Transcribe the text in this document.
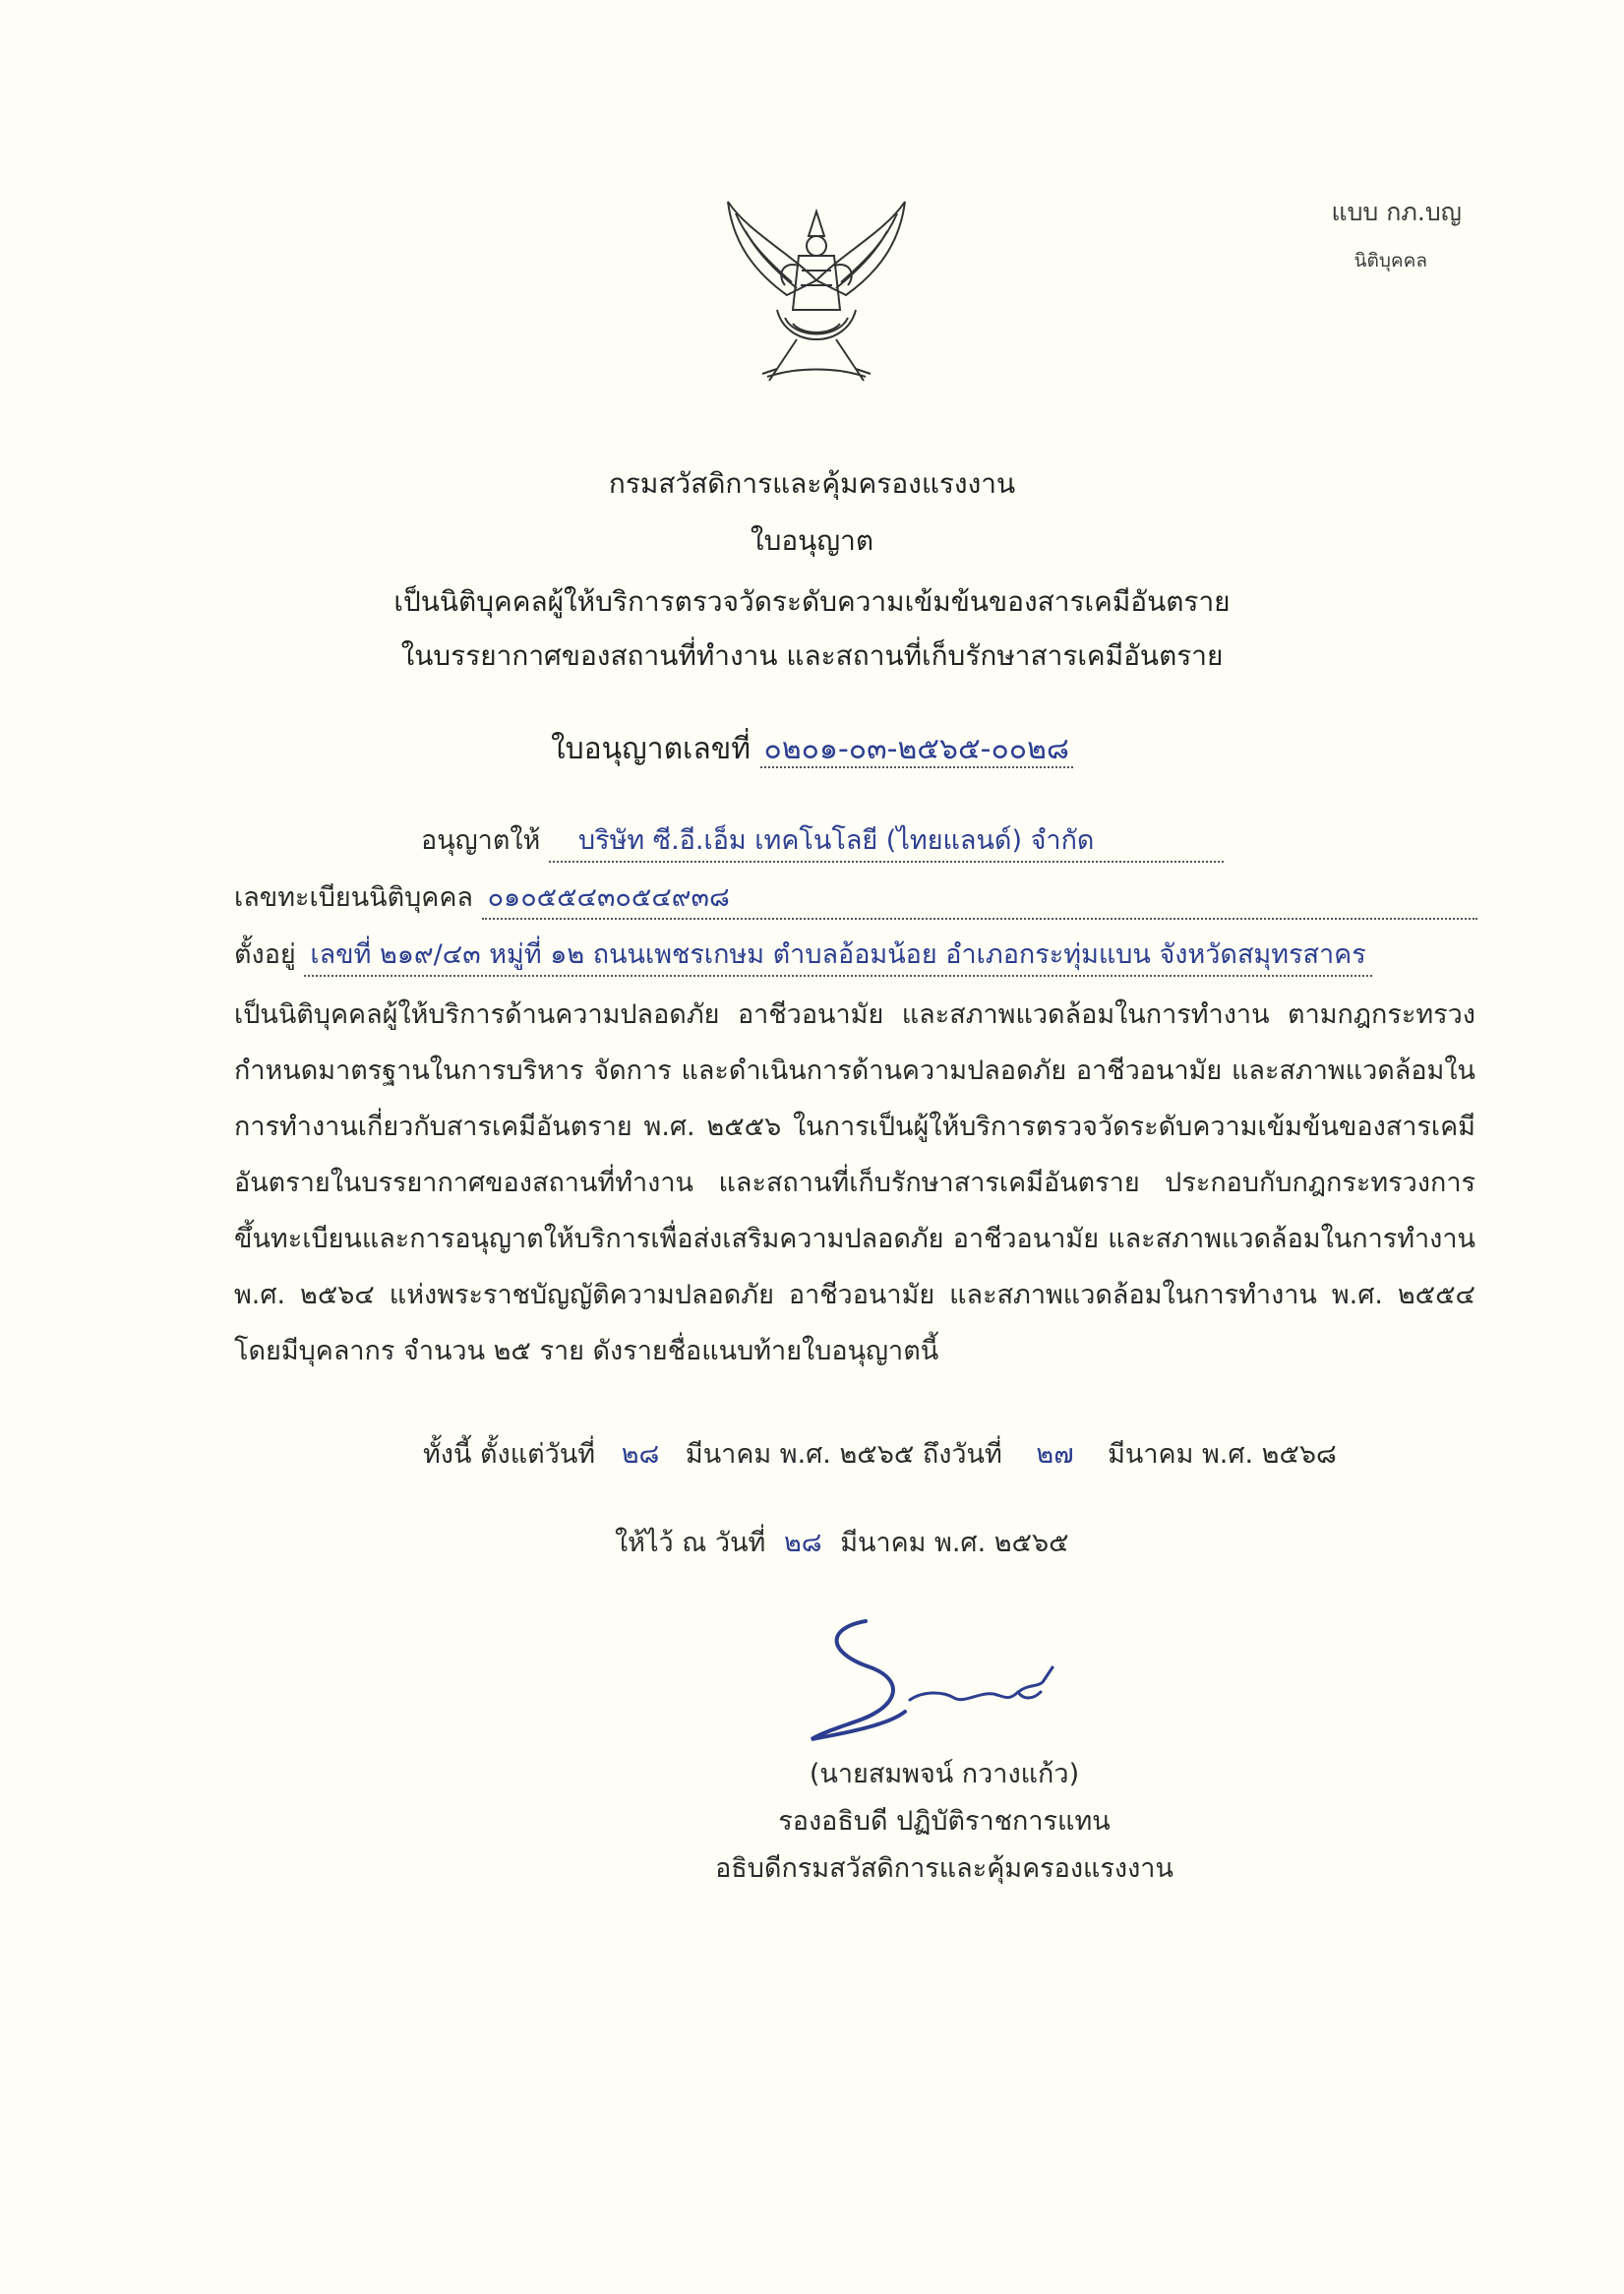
แบบ กภ.บญ
นิติบุคคล
กรมสวัสดิการและคุ้มครองแรงงาน
ใบอนุญาต
เป็นนิติบุคคลผู้ให้บริการตรวจวัดระดับความเข้มข้นของสารเคมีอันตราย
ในบรรยากาศของสถานที่ทำงาน และสถานที่เก็บรักษาสารเคมีอันตราย
ใบอนุญาตเลขที่ ๐๒๐๑-๐๓-๒๕๖๕-๐๐๒๘
อนุญาตให้ บริษัท ซี.อี.เอ็ม เทคโนโลยี (ไทยแลนด์) จำกัด
เลขทะเบียนนิติบุคคล ๐๑๐๕๕๔๓๐๕๔๙๓๘
ตั้งอยู่ เลขที่ ๒๑๙/๔๓ หมู่ที่ ๑๒ ถนนเพชรเกษม ตำบลอ้อมน้อย อำเภอกระทุ่มแบน จังหวัดสมุทรสาคร
เป็นนิติบุคคลผู้ให้บริการด้านความปลอดภัย อาชีวอนามัย และสภาพแวดล้อมในการทำงาน ตามกฎกระทรวงกำหนดมาตรฐานในการบริหาร จัดการ และดำเนินการด้านความปลอดภัย อาชีวอนามัย และสภาพแวดล้อมในการทำงานเกี่ยวกับสารเคมีอันตราย พ.ศ. ๒๕๕๖ ในการเป็นผู้ให้บริการตรวจวัดระดับความเข้มข้นของสารเคมีอันตรายในบรรยากาศของสถานที่ทำงาน และสถานที่เก็บรักษาสารเคมีอันตราย ประกอบกับกฎกระทรวงการขึ้นทะเบียนและการอนุญาตให้บริการเพื่อส่งเสริมความปลอดภัย อาชีวอนามัย และสภาพแวดล้อมในการทำงาน พ.ศ. ๒๕๖๔ แห่งพระราชบัญญัติความปลอดภัย อาชีวอนามัย และสภาพแวดล้อมในการทำงาน พ.ศ. ๒๕๕๔ โดยมีบุคลากร จำนวน ๒๕ ราย ดังรายชื่อแนบท้ายใบอนุญาตนี้
ทั้งนี้ ตั้งแต่วันที่ ๒๘ มีนาคม พ.ศ. ๒๕๖๕ ถึงวันที่ ๒๗ มีนาคม พ.ศ. ๒๕๖๘
ให้ไว้ ณ วันที่ ๒๘ มีนาคม พ.ศ. ๒๕๖๕
(นายสมพจน์ กวางแก้ว)
รองอธิบดี ปฏิบัติราชการแทน
อธิบดีกรมสวัสดิการและคุ้มครองแรงงาน
